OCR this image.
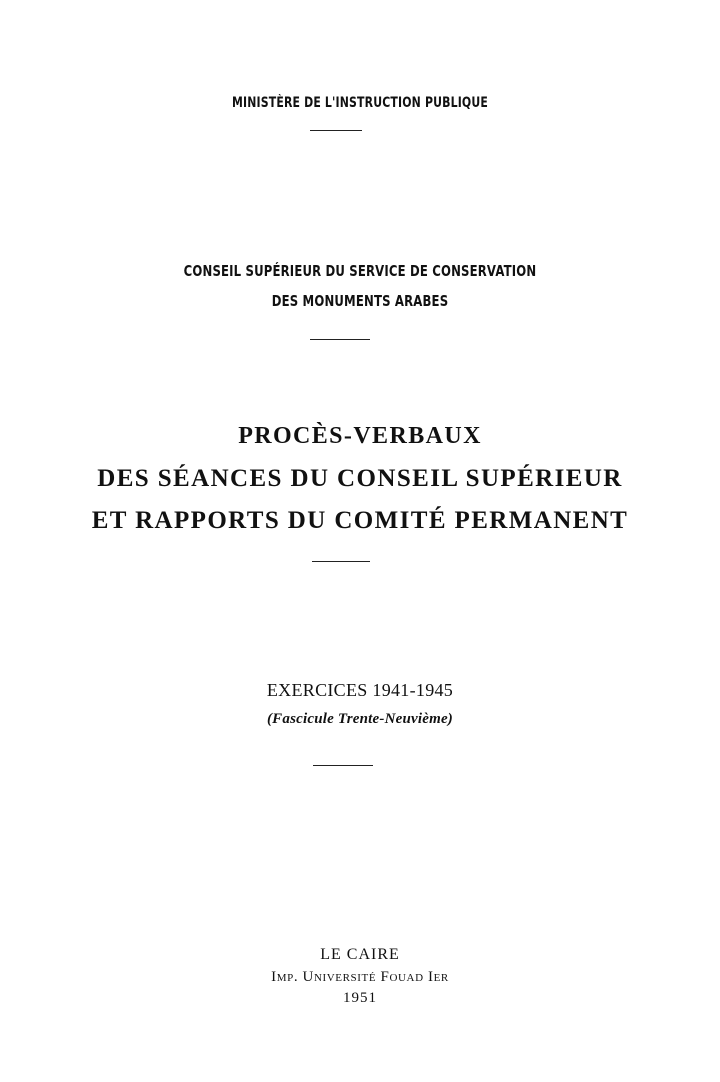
MINISTÈRE DE L'INSTRUCTION PUBLIQUE
CONSEIL SUPÉRIEUR DU SERVICE DE CONSERVATION
DES MONUMENTS ARABES
PROCÈS-VERBAUX
DES SÉANCES DU CONSEIL SUPÉRIEUR
ET RAPPORTS DU COMITÉ PERMANENT
EXERCICES 1941-1945
(Fascicule Trente-Neuvième)
LE CAIRE
Imp. Université Fouad Ier
1951
